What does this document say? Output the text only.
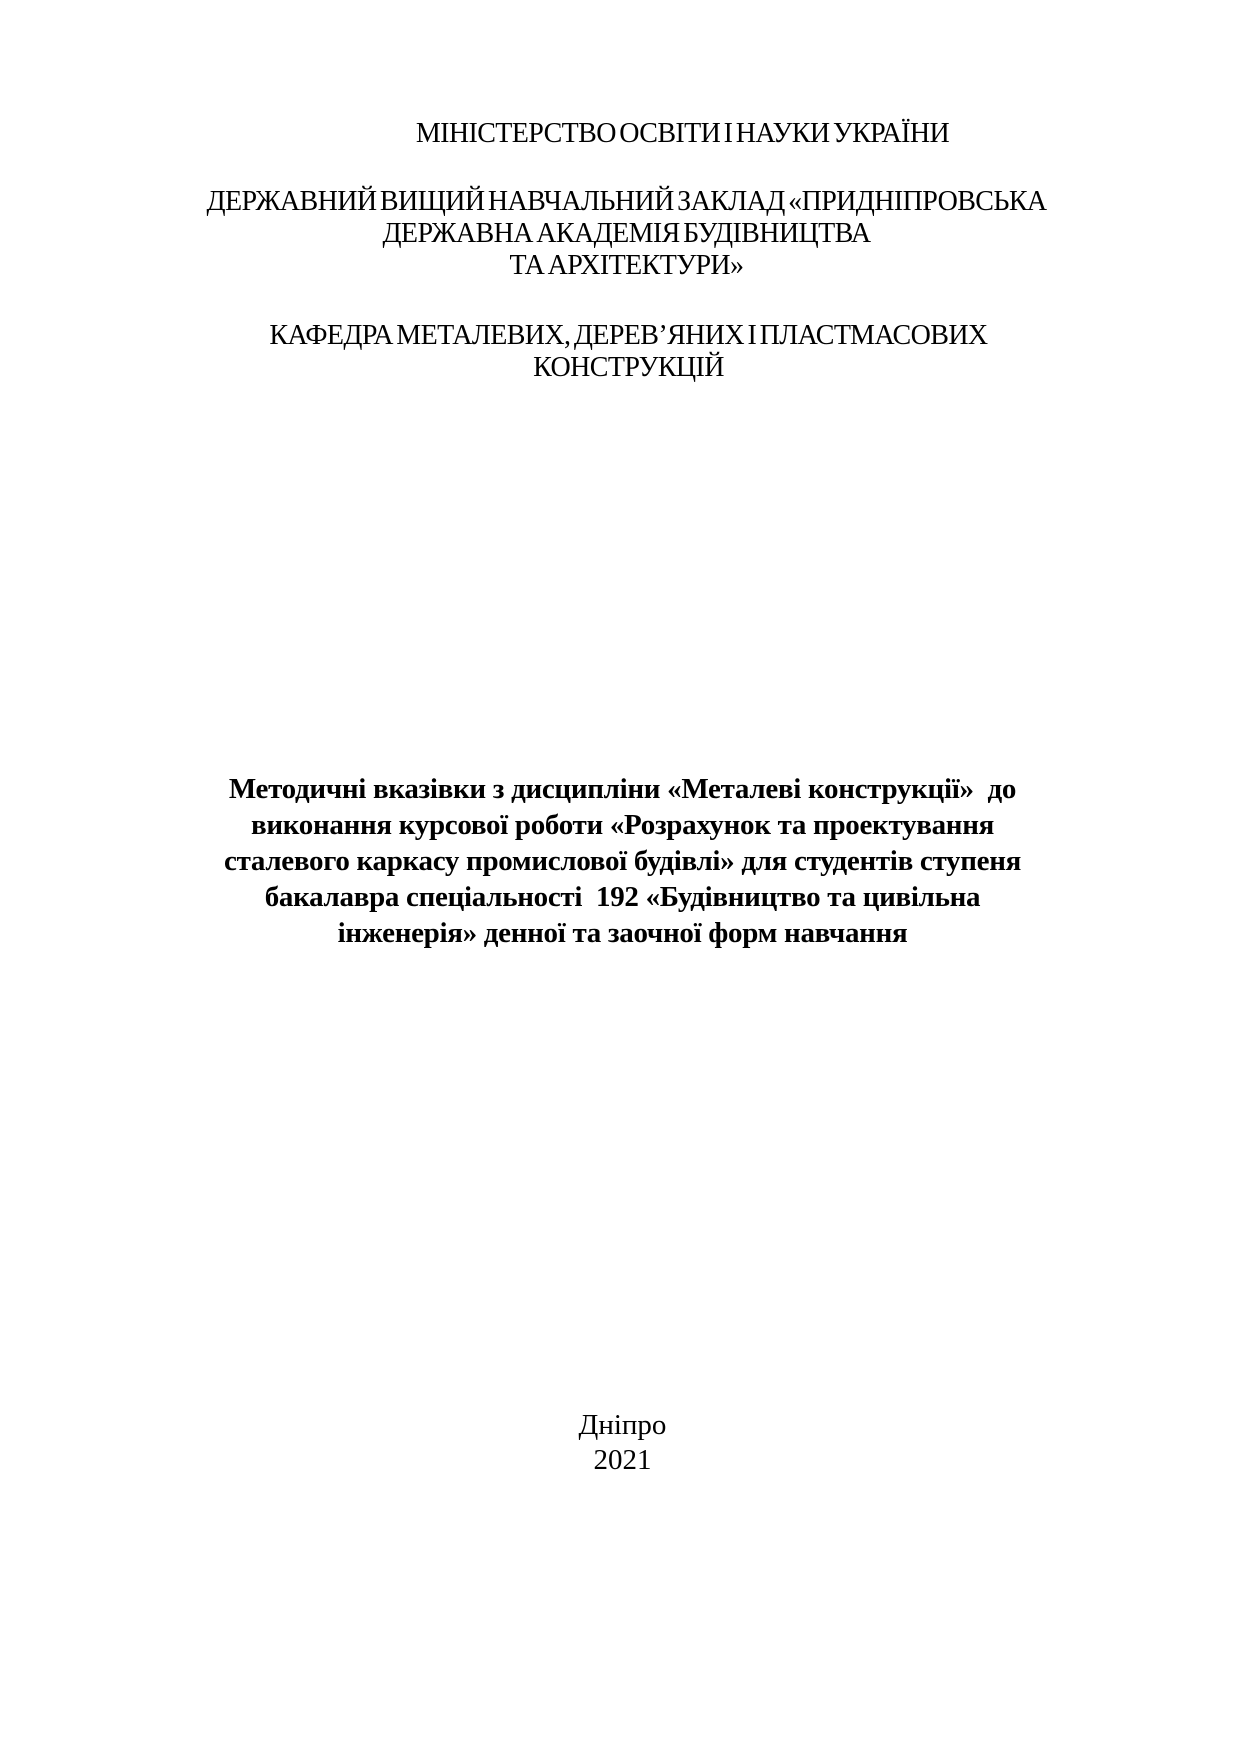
МІНІСТЕРСТВО ОСВІТИ І НАУКИ УКРАЇНИ
ДЕРЖАВНИЙ ВИЩИЙ НАВЧАЛЬНИЙ ЗАКЛАД «ПРИДНІПРОВСЬКА
ДЕРЖАВНА АКАДЕМІЯ БУДІВНИЦТВА
ТА АРХІТЕКТУРИ»
КАФЕДРА МЕТАЛЕВИХ, ДЕРЕВ’ЯНИХ І ПЛАСТМАСОВИХ
КОНСТРУКЦІЙ
Методичні вказівки з дисципліни «Металеві конструкції»  до
виконання курсової роботи «Розрахунок та проектування
сталевого каркасу промислової будівлі» для студентів ступеня
бакалавра спеціальності  192 «Будівництво та цивільна
інженерія» денної та заочної форм навчання
Дніпро
2021
